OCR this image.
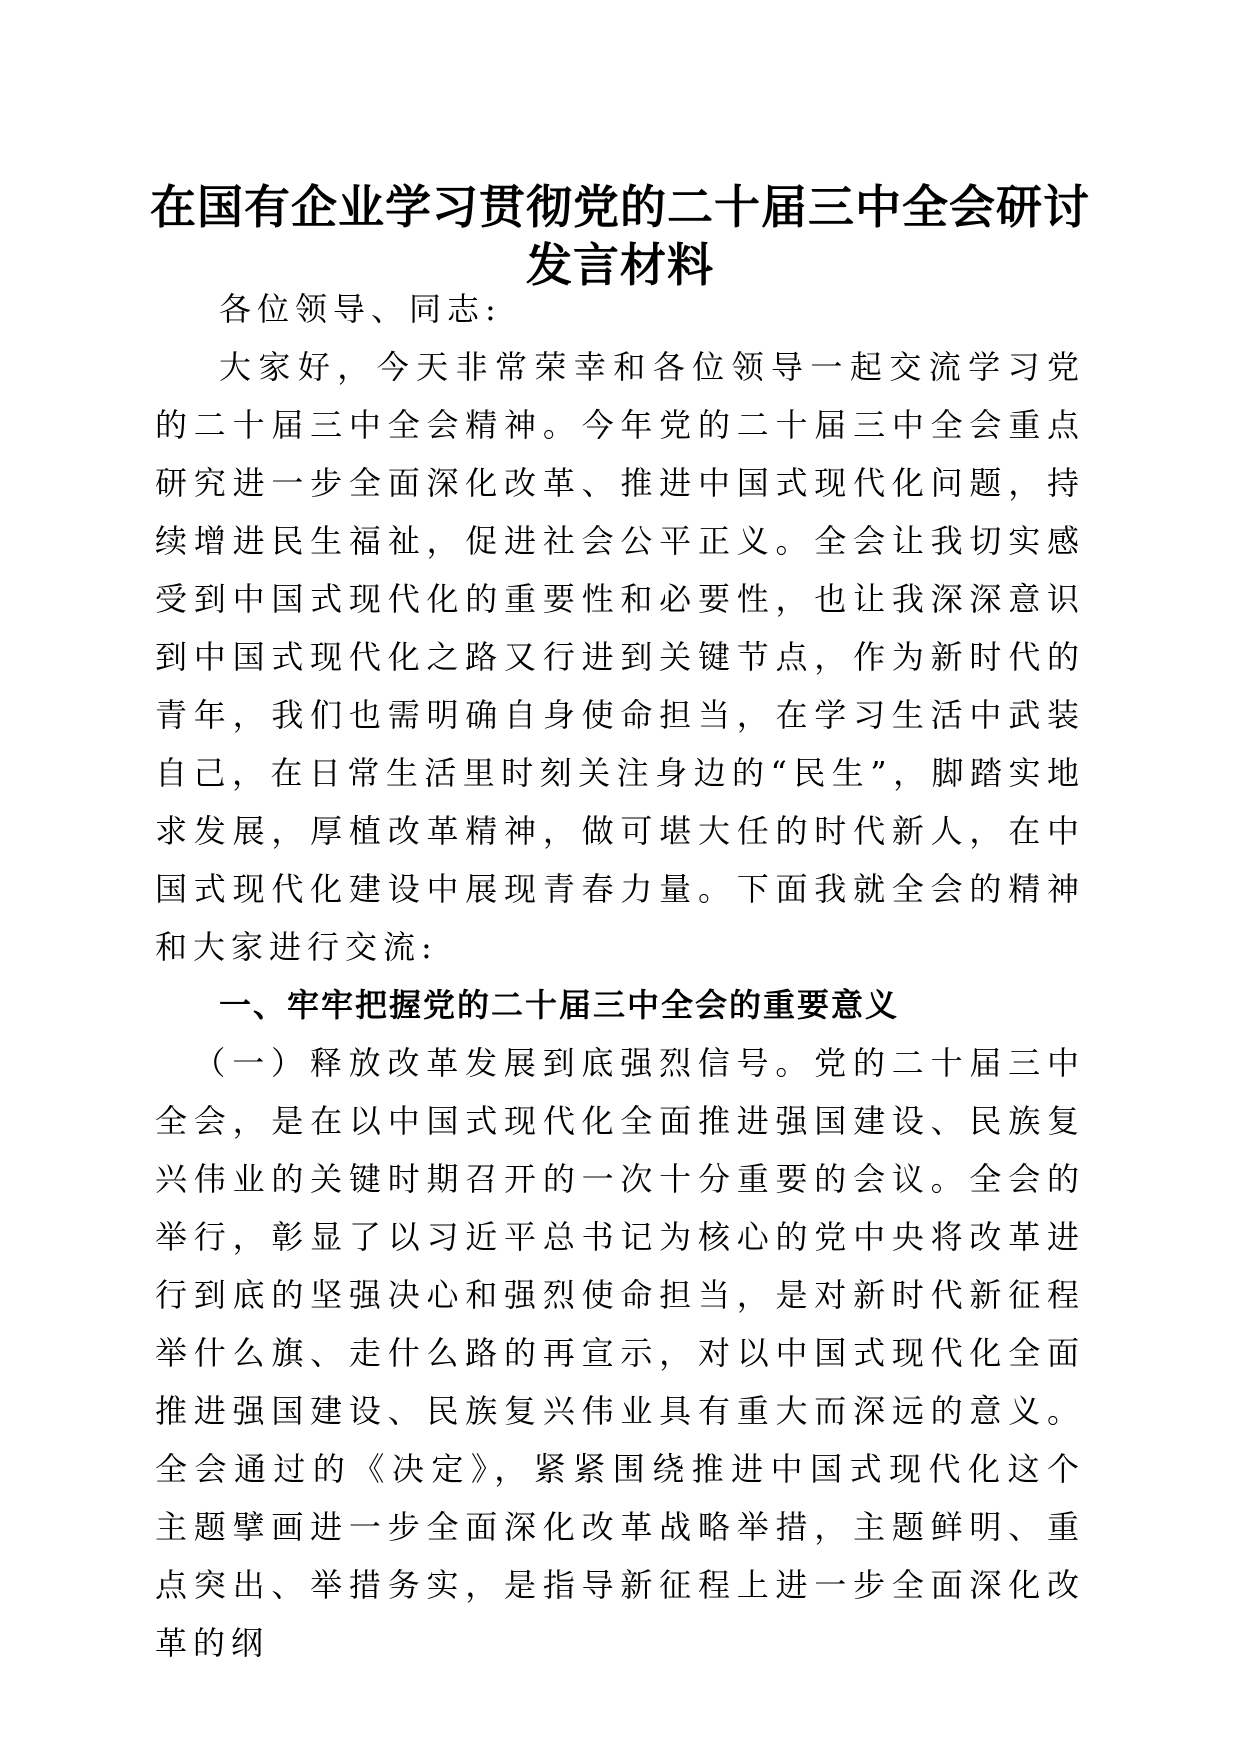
在国有企业学习贯彻党的二十届三中全会研讨发言材料

各位领导、同志:

大家好，今天非常荣幸和各位领导一起交流学习党的二十届三中全会精神。今年党的二十届三中全会重点研究进一步全面深化改革、推进中国式现代化问题，持续增进民生福祉，促进社会公平正义。全会让我切实感受到中国式现代化的重要性和必要性，也让我深深意识到中国式现代化之路又行进到关键节点，作为新时代的青年，我们也需明确自身使命担当，在学习生活中武装自己，在日常生活里时刻关注身边的“民生”，脚踏实地求发展，厚植改革精神，做可堪大任的时代新人，在中国式现代化建设中展现青春力量。下面我就全会的精神和大家进行交流:

一、牢牢把握党的二十届三中全会的重要意义

（一）释放改革发展到底强烈信号。党的二十届三中全会，是在以中国式现代化全面推进强国建设、民族复兴伟业的关键时期召开的一次十分重要的会议。全会的举行，彰显了以习近平总书记为核心的党中央将改革进行到底的坚强决心和强烈使命担当，是对新时代新征程举什么旗、走什么路的再宣示，对以中国式现代化全面推进强国建设、民族复兴伟业具有重大而深远的意义。全会通过的《决定》，紧紧围绕推进中国式现代化这个主题擘画进一步全面深化改革战略举措，主题鲜明、重点突出、举措务实，是指导新征程上进一步全面深化改革的纲
